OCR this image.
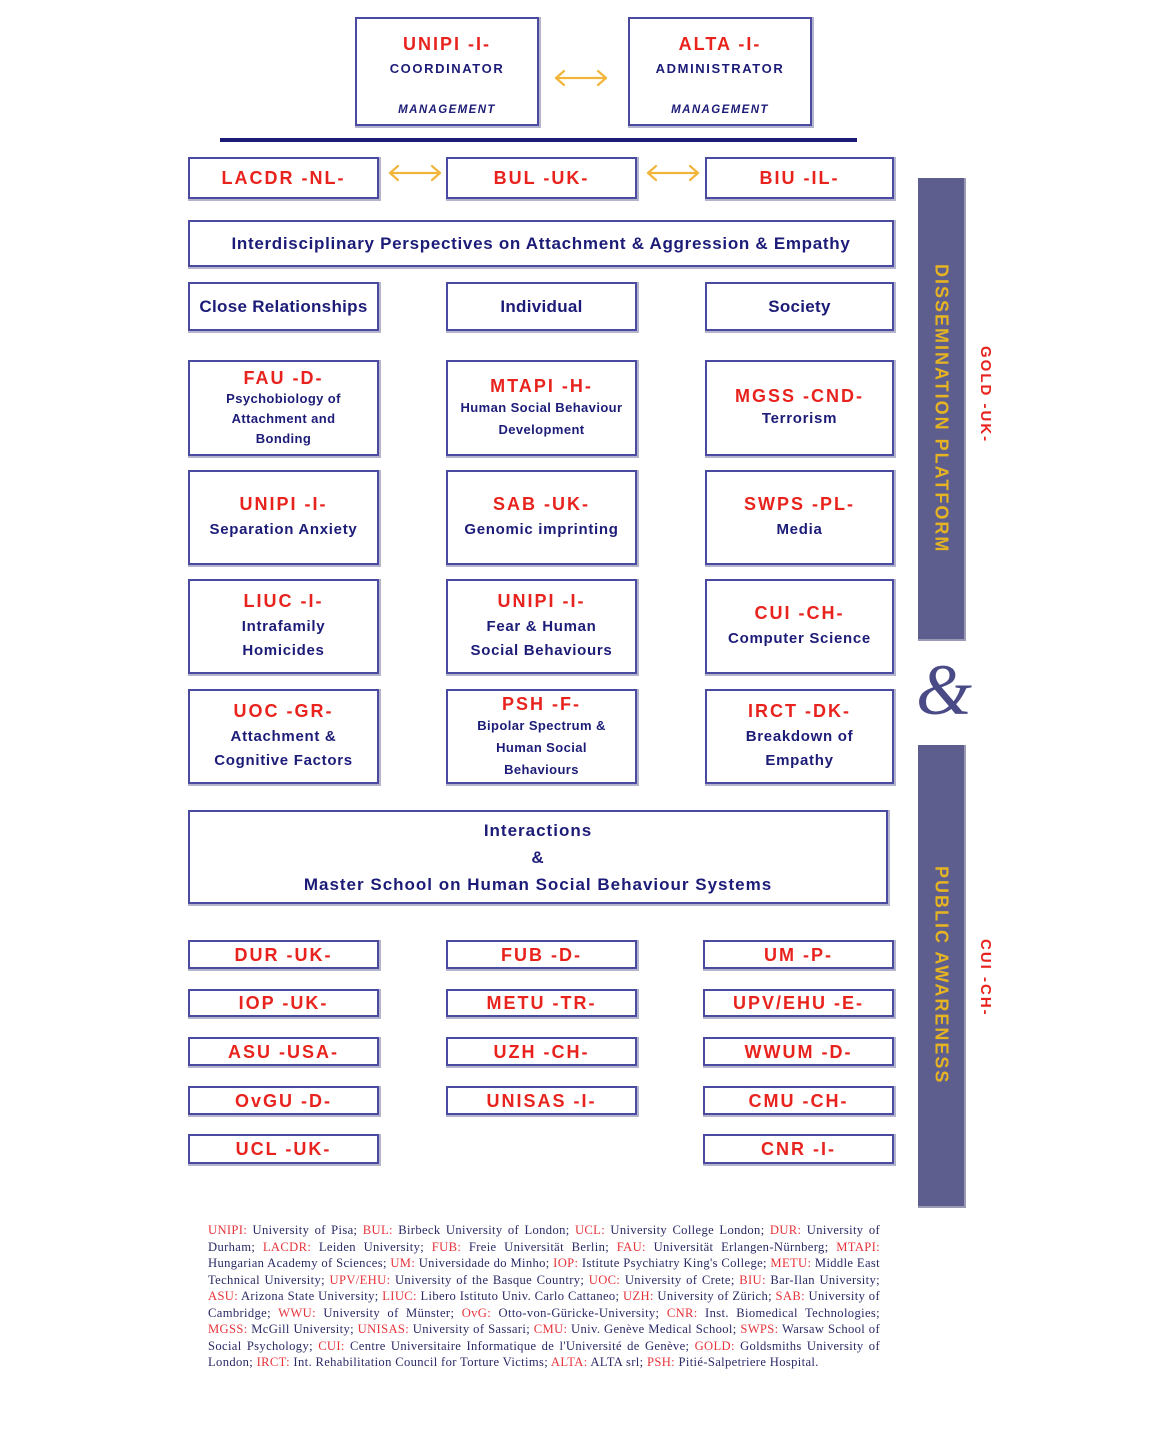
UNIPI -I-
COORDINATOR
MANAGEMENT
ALTA -I-
ADMINISTRATOR
MANAGEMENT
LACDR -NL-	BUL -UK-	BIU -IL-
Interdisciplinary Perspectives on Attachment & Aggression & Empathy
Close Relationships	Individual	Society
FAU -D-
Psychobiology of
Attachment and
Bonding
MTAPI -H-
Human Social Behaviour
Development
MGSS -CND-
Terrorism
UNIPI -I-
Separation Anxiety
SAB -UK-
Genomic imprinting
SWPS -PL-
Media
LIUC -I-
Intrafamily
Homicides
UNIPI -I-
Fear & Human
Social Behaviours
CUI -CH-
Computer Science
UOC -GR-
Attachment &
Cognitive Factors
PSH -F-
Bipolar Spectrum &
Human Social
Behaviours
IRCT -DK-
Breakdown of
Empathy
Interactions
&
Master School on Human Social Behaviour Systems
DUR -UK-
IOP -UK-
ASU -USA-
OvGU -D-
UCL -UK-
FUB -D-
METU -TR-
UZH -CH-
UNISAS -I-
UM -P-
UPV/EHU -E-
WWUM -D-
CMU -CH-
CNR -I-
DISSEMINATION PLATFORM
&
PUBLIC AWARENESS
GOLD -UK-
CUI -CH-
UNIPI: University of Pisa; BUL: Birbeck University of London; UCL: University College London; DUR: University of Durham; LACDR: Leiden University; FUB: Freie Universität Berlin; FAU: Universität Erlangen-Nürnberg; MTAPI: Hungarian Academy of Sciences; UM: Universidade do Minho; IOP: Istitute Psychiatry King's College; METU: Middle East Technical University; UPV/EHU: University of the Basque Country; UOC: University of Crete; BIU: Bar-Ilan University; ASU: Arizona State University; LIUC: Libero Istituto Univ. Carlo Cattaneo; UZH: University of Zürich; SAB: University of Cambridge; WWU: University of Münster; OvG: Otto-von-Güricke-University; CNR: Inst. Biomedical Technologies; MGSS: McGill University; UNISAS: University of Sassari; CMU: Univ. Genève Medical School; SWPS: Warsaw School of Social Psychology; CUI: Centre Universitaire Informatique de l'Université de Genève; GOLD: Goldsmiths University of London; IRCT: Int. Rehabilitation Council for Torture Victims; ALTA: ALTA srl; PSH: Pitié-Salpetriere Hospital.
